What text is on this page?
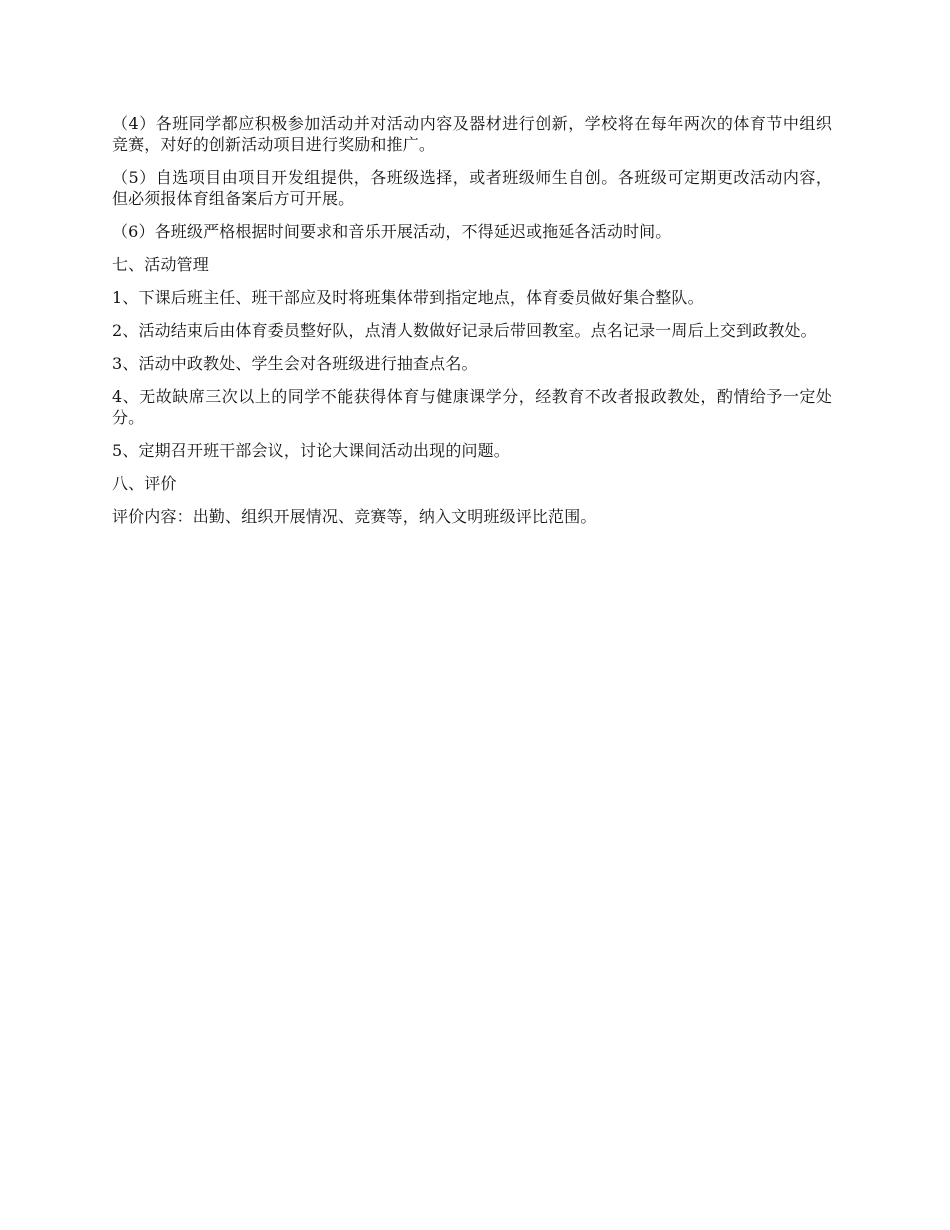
（4）各班同学都应积极参加活动并对活动内容及器材进行创新，学校将在每年两次的体育节中组织竞赛，对好的创新活动项目进行奖励和推广。

（5）自选项目由项目开发组提供，各班级选择，或者班级师生自创。各班级可定期更改活动内容，但必须报体育组备案后方可开展。

（6）各班级严格根据时间要求和音乐开展活动，不得延迟或拖延各活动时间。

七、活动管理

1、下课后班主任、班干部应及时将班集体带到指定地点，体育委员做好集合整队。

2、活动结束后由体育委员整好队，点清人数做好记录后带回教室。点名记录一周后上交到政教处。

3、活动中政教处、学生会对各班级进行抽查点名。

4、无故缺席三次以上的同学不能获得体育与健康课学分，经教育不改者报政教处，酌情给予一定处分。

5、定期召开班干部会议，讨论大课间活动出现的问题。

八、评价

评价内容：出勤、组织开展情况、竞赛等，纳入文明班级评比范围。
